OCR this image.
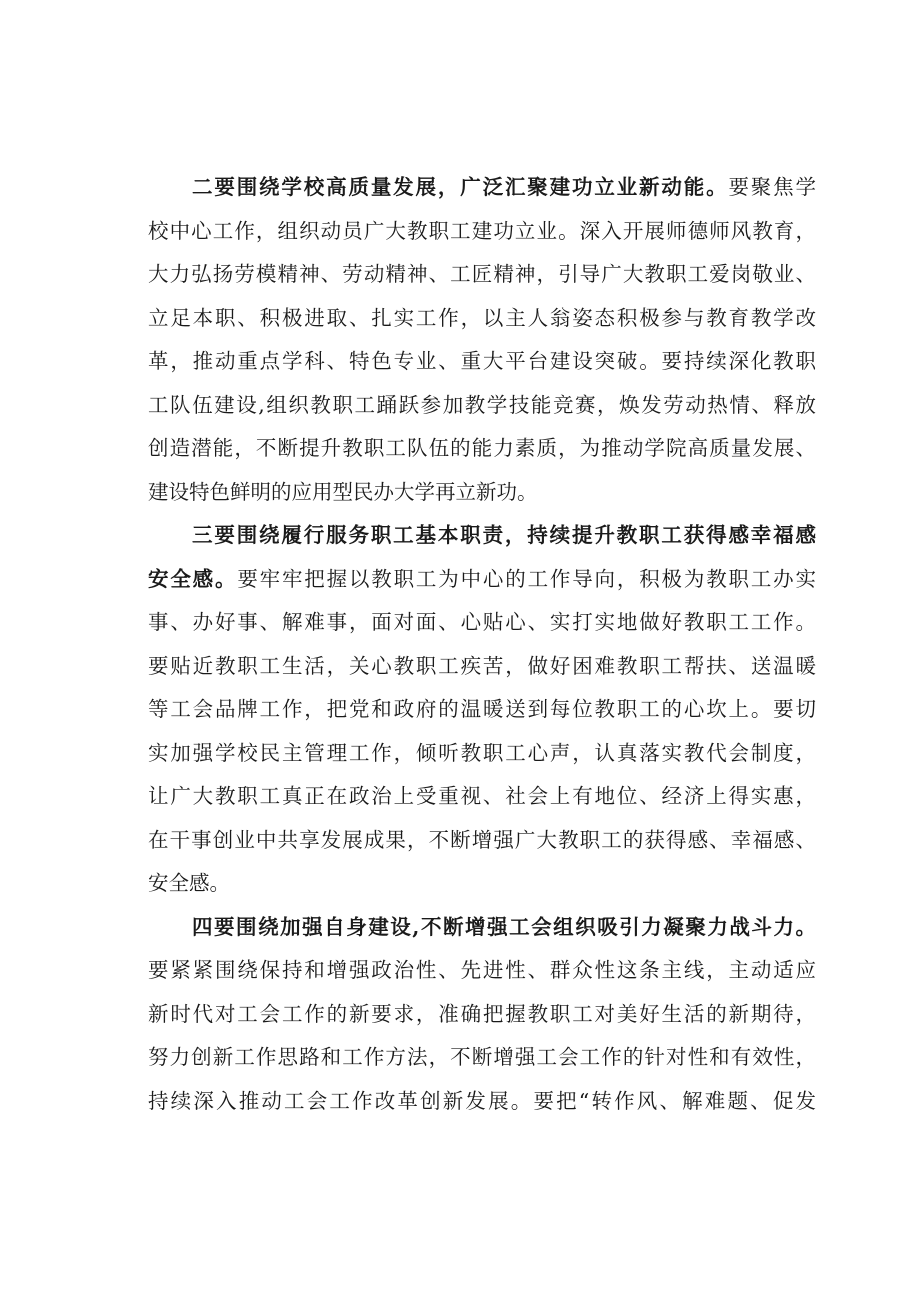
二要围绕学校高质量发展，广泛汇聚建功立业新动能。要聚焦学
校中心工作，组织动员广大教职工建功立业。深入开展师德师风教育，
大力弘扬劳模精神、劳动精神、工匠精神，引导广大教职工爱岗敬业、
立足本职、积极进取、扎实工作，以主人翁姿态积极参与教育教学改
革，推动重点学科、特色专业、重大平台建设突破。要持续深化教职
工队伍建设,组织教职工踊跃参加教学技能竞赛，焕发劳动热情、释放
创造潜能，不断提升教职工队伍的能力素质，为推动学院高质量发展、
建设特色鲜明的应用型民办大学再立新功。
三要围绕履行服务职工基本职责，持续提升教职工获得感幸福感
安全感。要牢牢把握以教职工为中心的工作导向，积极为教职工办实
事、办好事、解难事，面对面、心贴心、实打实地做好教职工工作。
要贴近教职工生活，关心教职工疾苦，做好困难教职工帮扶、送温暖
等工会品牌工作，把党和政府的温暖送到每位教职工的心坎上。要切
实加强学校民主管理工作，倾听教职工心声，认真落实教代会制度，
让广大教职工真正在政治上受重视、社会上有地位、经济上得实惠，
在干事创业中共享发展成果，不断增强广大教职工的获得感、幸福感、
安全感。
四要围绕加强自身建设,不断增强工会组织吸引力凝聚力战斗力。
要紧紧围绕保持和增强政治性、先进性、群众性这条主线，主动适应
新时代对工会工作的新要求，准确把握教职工对美好生活的新期待，
努力创新工作思路和工作方法，不断增强工会工作的针对性和有效性，
持续深入推动工会工作改革创新发展。要把“转作风、解难题、促发
